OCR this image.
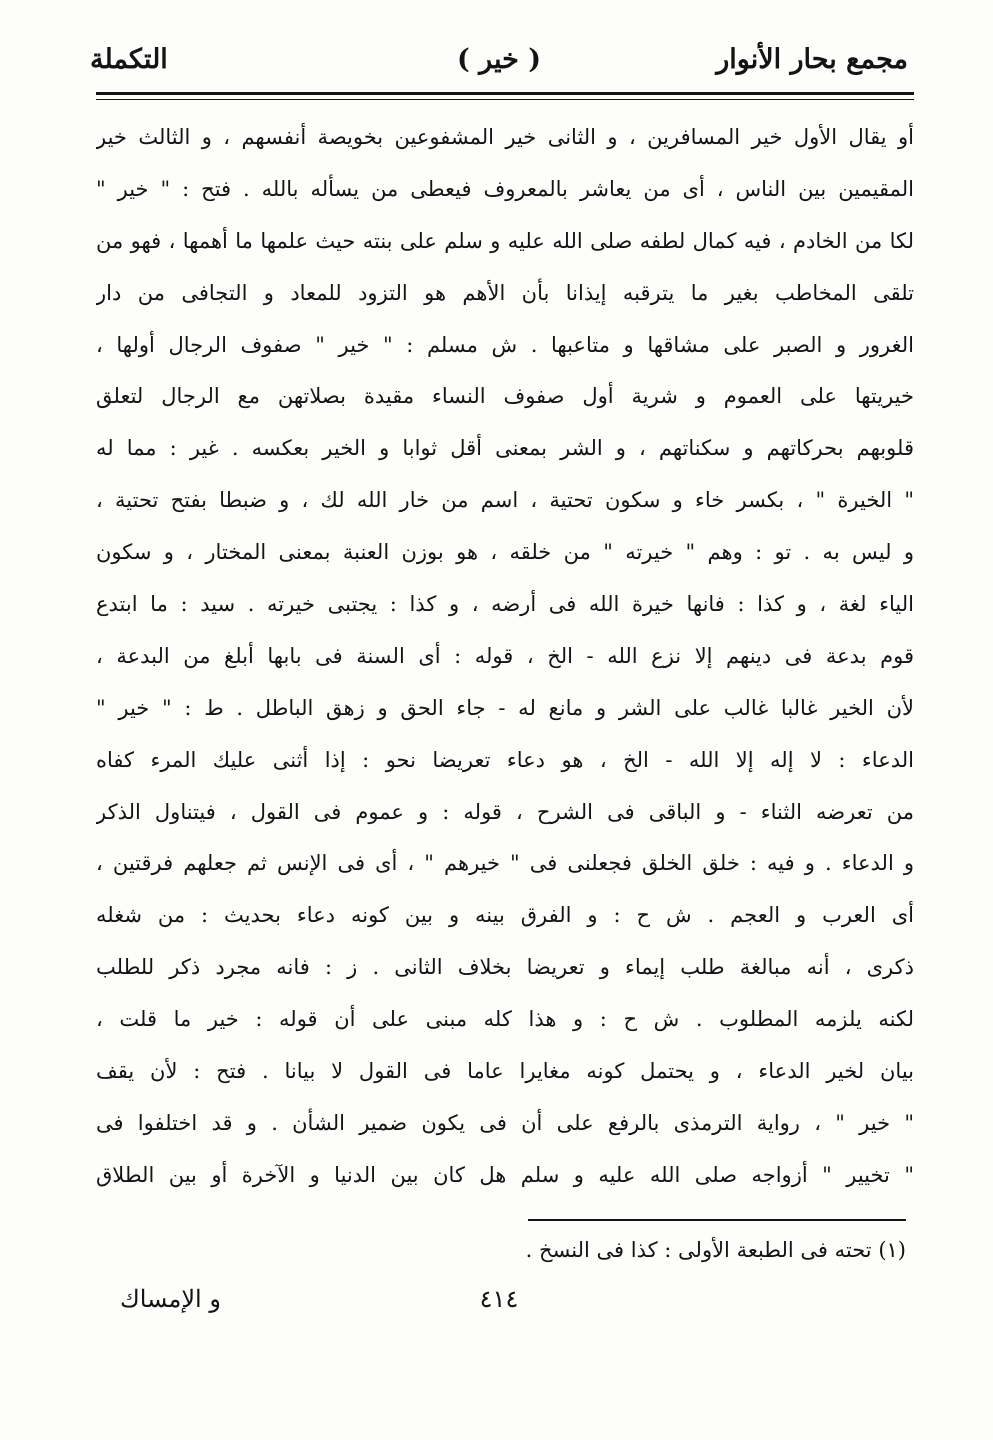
مجمع بحار الأنوار
( خير )
التكملة
أو يقال الأول خير المسافرين ، و الثانى خير المشفوعين بخويصة أنفسهم ، و الثالث خير
المقيمين بين الناس ، أى من يعاشر بالمعروف فيعطى من يسأله بالله . فتح : " خير "
لكا من الخادم ، فيه كمال لطفه صلى الله عليه و سلم على بنته حيث علمها ما أهمها ، فهو من
تلقى المخاطب بغير ما يترقبه إيذانا بأن الأهم هو التزود للمعاد و التجافى من دار
الغرور و الصبر على مشاقها و متاعبها . ش مسلم : " خير " صفوف الرجال أولها ،
خيريتها على العموم و شرية أول صفوف النساء مقيدة بصلاتهن مع الرجال لتعلق
قلوبهم بحركاتهم و سكناتهم ، و الشر بمعنى أقل ثوابا و الخير بعكسه . غير : مما له
" الخيرة " ، بكسر خاء و سكون تحتية ، اسم من خار الله لك ، و ضبطا بفتح تحتية ،
و ليس به . تو : وهم " خيرته " من خلقه ، هو بوزن العنبة بمعنى المختار ، و سكون
الياء لغة ، و كذا : فانها خيرة الله فى أرضه ، و كذا : يجتبى خيرته . سيد : ما ابتدع
قوم بدعة فى دينهم إلا نزع الله - الخ ، قوله : أى السنة فى بابها أبلغ من البدعة ،
لأن الخير غالبا غالب على الشر و مانع له - جاء الحق و زهق الباطل . ط : " خير "
الدعاء : لا إله إلا الله - الخ ، هو دعاء تعريضا نحو : إذا أثنى عليك المرء كفاه
من تعرضه الثناء - و الباقى فى الشرح ، قوله : و عموم فى القول ، فيتناول الذكر
و الدعاء . و فيه : خلق الخلق فجعلنى فى " خيرهم " ، أى فى الإنس ثم جعلهم فرقتين ،
أى العرب و العجم . ش ح : و الفرق بينه و بين كونه دعاء بحديث : من شغله
ذكرى ، أنه مبالغة طلب إيماء و تعريضا بخلاف الثانى . ز : فانه مجرد ذكر للطلب
لكنه يلزمه المطلوب . ش ح : و هذا كله مبنى على أن قوله : خير ما قلت ،
بيان لخير الدعاء ، و يحتمل كونه مغايرا عاما فى القول لا بيانا . فتح : لأن يقف
" خير " ، رواية الترمذى بالرفع على أن فى يكون ضمير الشأن . و قد اختلفوا فى
" تخيير " أزواجه صلى الله عليه و سلم هل كان بين الدنيا و الآخرة أو بين الطلاق
(١) تحته فى الطبعة الأولى : كذا فى النسخ .
٤١٤
و الإمساك
